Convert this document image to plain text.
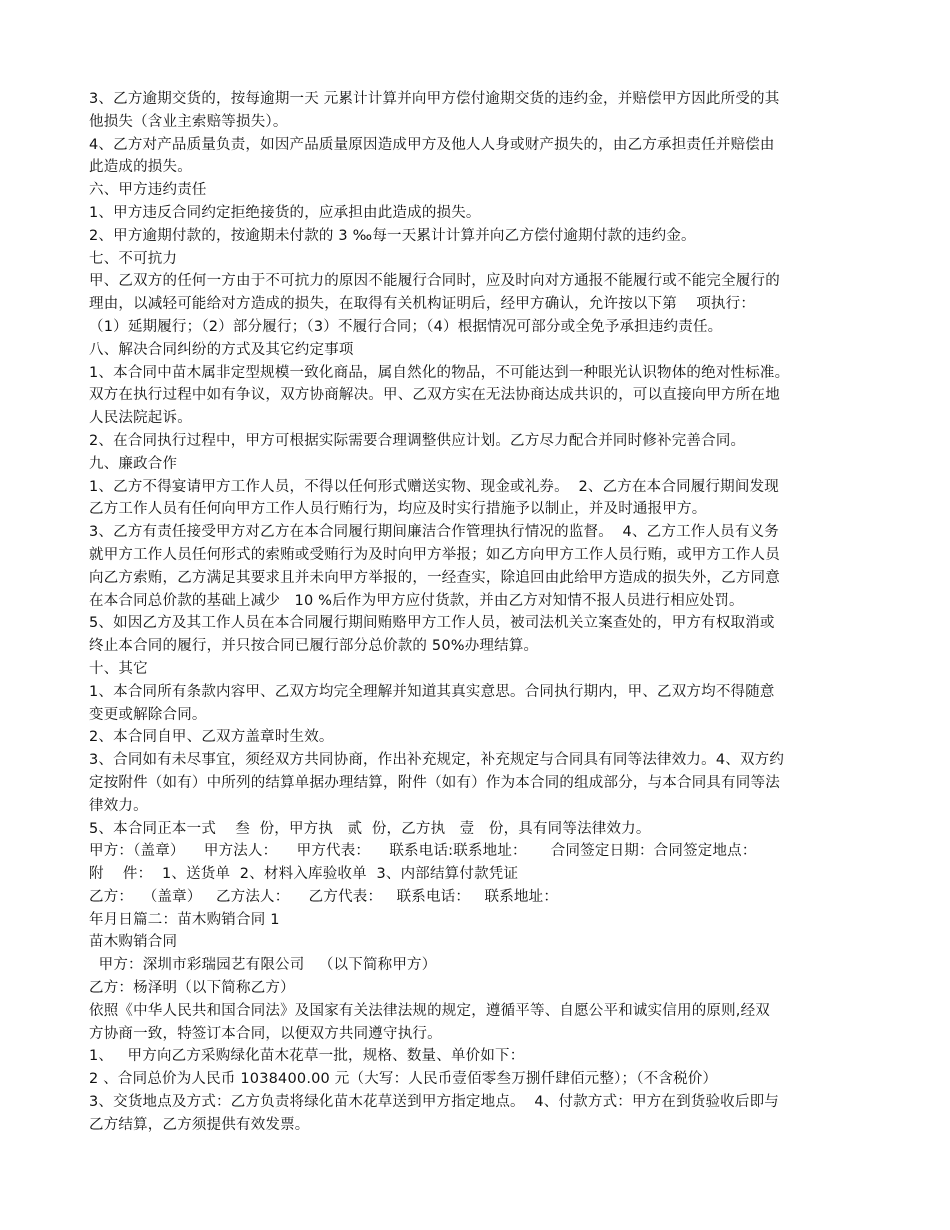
3、乙方逾期交货的，按每逾期一天 元累计计算并向甲方偿付逾期交货的违约金，并赔偿甲方因此所受的其
他损失（含业主索赔等损失）。
4、乙方对产品质量负责，如因产品质量原因造成甲方及他人人身或财产损失的，由乙方承担责任并赔偿由
此造成的损失。
六、甲方违约责任
1、甲方违反合同约定拒绝接货的，应承担由此造成的损失。
2、甲方逾期付款的，按逾期未付款的 3 ‰每一天累计计算并向乙方偿付逾期付款的违约金。
七、不可抗力
甲、乙双方的任何一方由于不可抗力的原因不能履行合同时，应及时向对方通报不能履行或不能完全履行的
理由，以减轻可能给对方造成的损失，在取得有关机构证明后，经甲方确认，允许按以下第    项执行：
（1）延期履行；（2）部分履行；（3）不履行合同；（4）根据情况可部分或全免予承担违约责任。
八、解决合同纠纷的方式及其它约定事项
1、本合同中苗木属非定型规模一致化商品，属自然化的物品，不可能达到一种眼光认识物体的绝对性标准。
双方在执行过程中如有争议，双方协商解决。甲、乙双方实在无法协商达成共识的，可以直接向甲方所在地
人民法院起诉。
2、在合同执行过程中，甲方可根据实际需要合理调整供应计划。乙方尽力配合并同时修补完善合同。
九、廉政合作
1、乙方不得宴请甲方工作人员，不得以任何形式赠送实物、现金或礼券。  2、乙方在本合同履行期间发现
乙方工作人员有任何向甲方工作人员行贿行为，均应及时实行措施予以制止，并及时通报甲方。
3、乙方有责任接受甲方对乙方在本合同履行期间廉洁合作管理执行情况的监督。  4、乙方工作人员有义务
就甲方工作人员任何形式的索贿或受贿行为及时向甲方举报；如乙方向甲方工作人员行贿，或甲方工作人员
向乙方索贿，乙方满足其要求且并未向甲方举报的，一经查实，除追回由此给甲方造成的损失外，乙方同意
在本合同总价款的基础上减少   10 %后作为甲方应付货款，并由乙方对知情不报人员进行相应处罚。
5、如因乙方及其工作人员在本合同履行期间贿赂甲方工作人员，被司法机关立案查处的，甲方有权取消或
终止本合同的履行，并只按合同已履行部分总价款的 50%办理结算。
十、其它
1、本合同所有条款内容甲、乙双方均完全理解并知道其真实意思。合同执行期内，甲、乙双方均不得随意
变更或解除合同。
2、本合同自甲、乙双方盖章时生效。
3、合同如有未尽事宜，须经双方共同协商，作出补充规定，补充规定与合同具有同等法律效力。4、双方约
定按附件（如有）中所列的结算单据办理结算，附件（如有）作为本合同的组成部分，与本合同具有同等法
律效力。
5、本合同正本一式    叁  份，甲方执   贰  份，乙方执   壹   份，具有同等法律效力。
甲方：（盖章）    甲方法人：    甲方代表：    联系电话:联系地址：     合同签定日期：合同签定地点：
附    件：  1、送货单  2、材料入库验收单  3、内部结算付款凭证
乙方：  （盖章）   乙方法人：    乙方代表：   联系电话：   联系地址：
年月日篇二：苗木购销合同 1
苗木购销合同
甲方：深圳市彩瑞园艺有限公司   （以下简称甲方）
乙方：杨泽明（以下简称乙方）
依照《中华人民共和国合同法》及国家有关法律法规的规定，遵循平等、自愿公平和诚实信用的原则,经双
方协商一致，特签订本合同，以便双方共同遵守执行。
1、   甲方向乙方采购绿化苗木花草一批，规格、数量、单价如下：
2 、合同总价为人民币 1038400.00 元（大写：人民币壹佰零叁万捌仟肆佰元整）；（不含税价）
3、交货地点及方式：乙方负责将绿化苗木花草送到甲方指定地点。  4、付款方式：甲方在到货验收后即与
乙方结算，乙方须提供有效发票。
